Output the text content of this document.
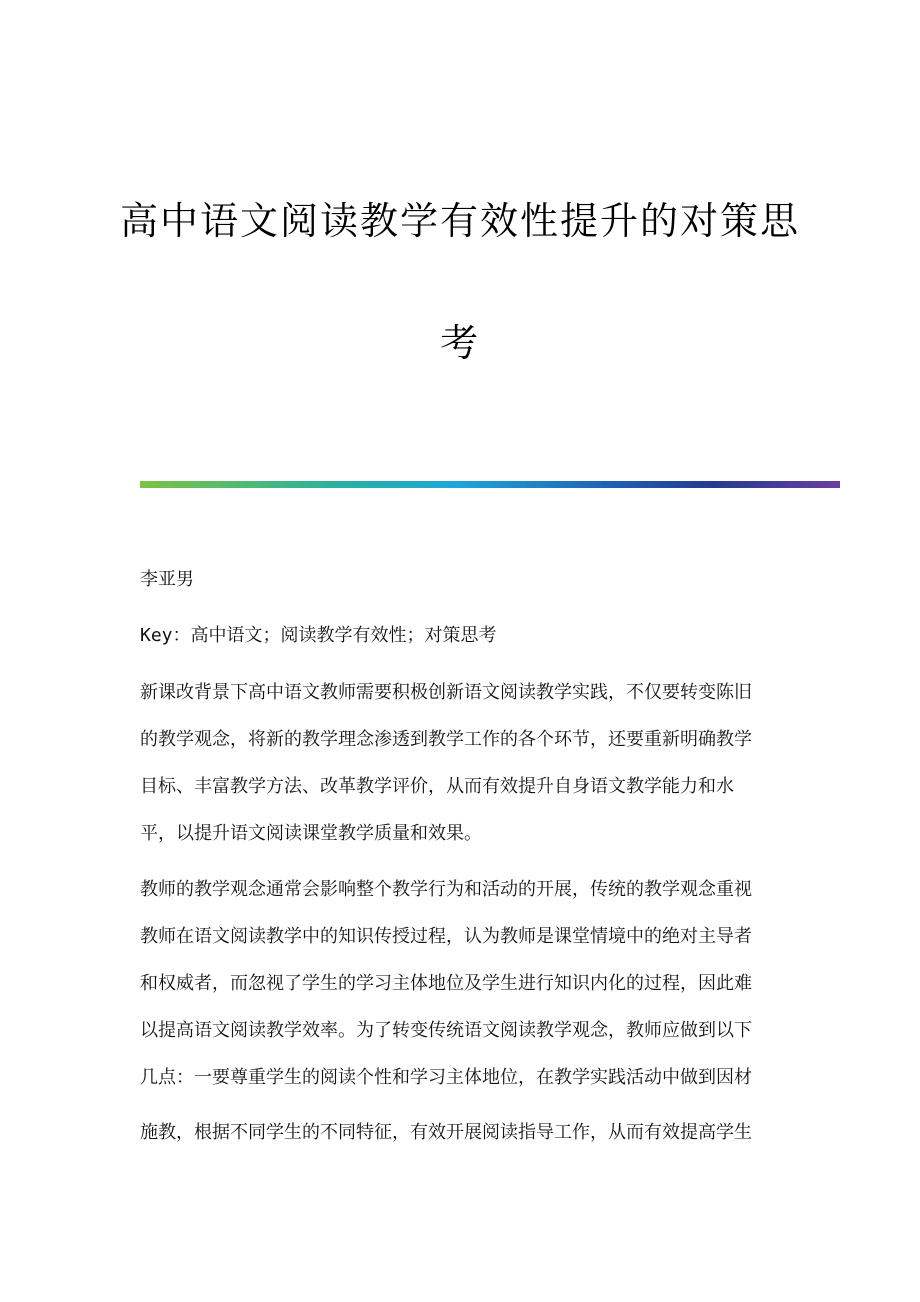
高中语文阅读教学有效性提升的对策思
考

李亚男

Key：高中语文；阅读教学有效性；对策思考

新课改背景下高中语文教师需要积极创新语文阅读教学实践，不仅要转变陈旧

的教学观念，将新的教学理念渗透到教学工作的各个环节，还要重新明确教学

目标、丰富教学方法、改革教学评价，从而有效提升自身语文教学能力和水

平，以提升语文阅读课堂教学质量和效果。

教师的教学观念通常会影响整个教学行为和活动的开展，传统的教学观念重视

教师在语文阅读教学中的知识传授过程，认为教师是课堂情境中的绝对主导者

和权威者，而忽视了学生的学习主体地位及学生进行知识内化的过程，因此难

以提高语文阅读教学效率。为了转变传统语文阅读教学观念，教师应做到以下

几点：一要尊重学生的阅读个性和学习主体地位，在教学实践活动中做到因材

施教，根据不同学生的不同特征，有效开展阅读指导工作，从而有效提高学生
